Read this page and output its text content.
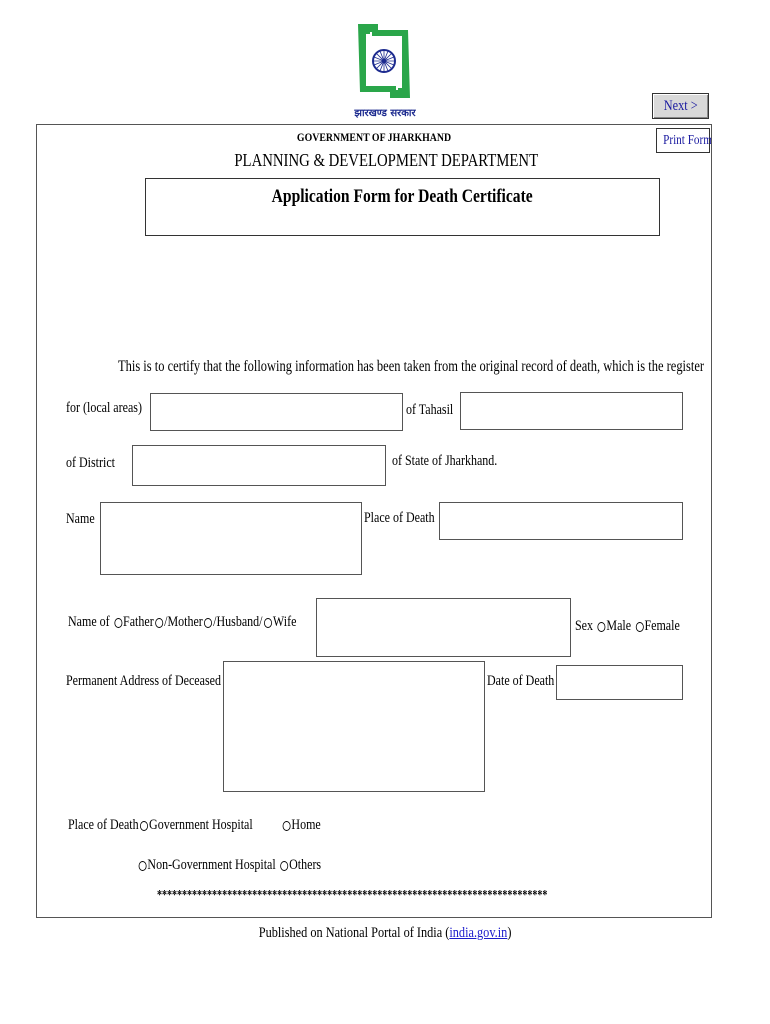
झारखण्ड सरकार	Next >
Print Form
GOVERNMENT OF JHARKHAND
PLANNING & DEVELOPMENT DEPARTMENT
Application Form for Death Certificate
This is to certify that the following information has been taken from the original record of death, which is the register
for (local areas)	of Tahasil
of District	of State of Jharkhand.
Name	Place of Death
Name of Father /Mother /Husband/ Wife	Sex Male Female
Permanent Address of Deceased	Date of Death
Place of Death Government Hospital	Home
Non-Government Hospital Others
******************************************************************************
Published on National Portal of India (india.gov.in)
